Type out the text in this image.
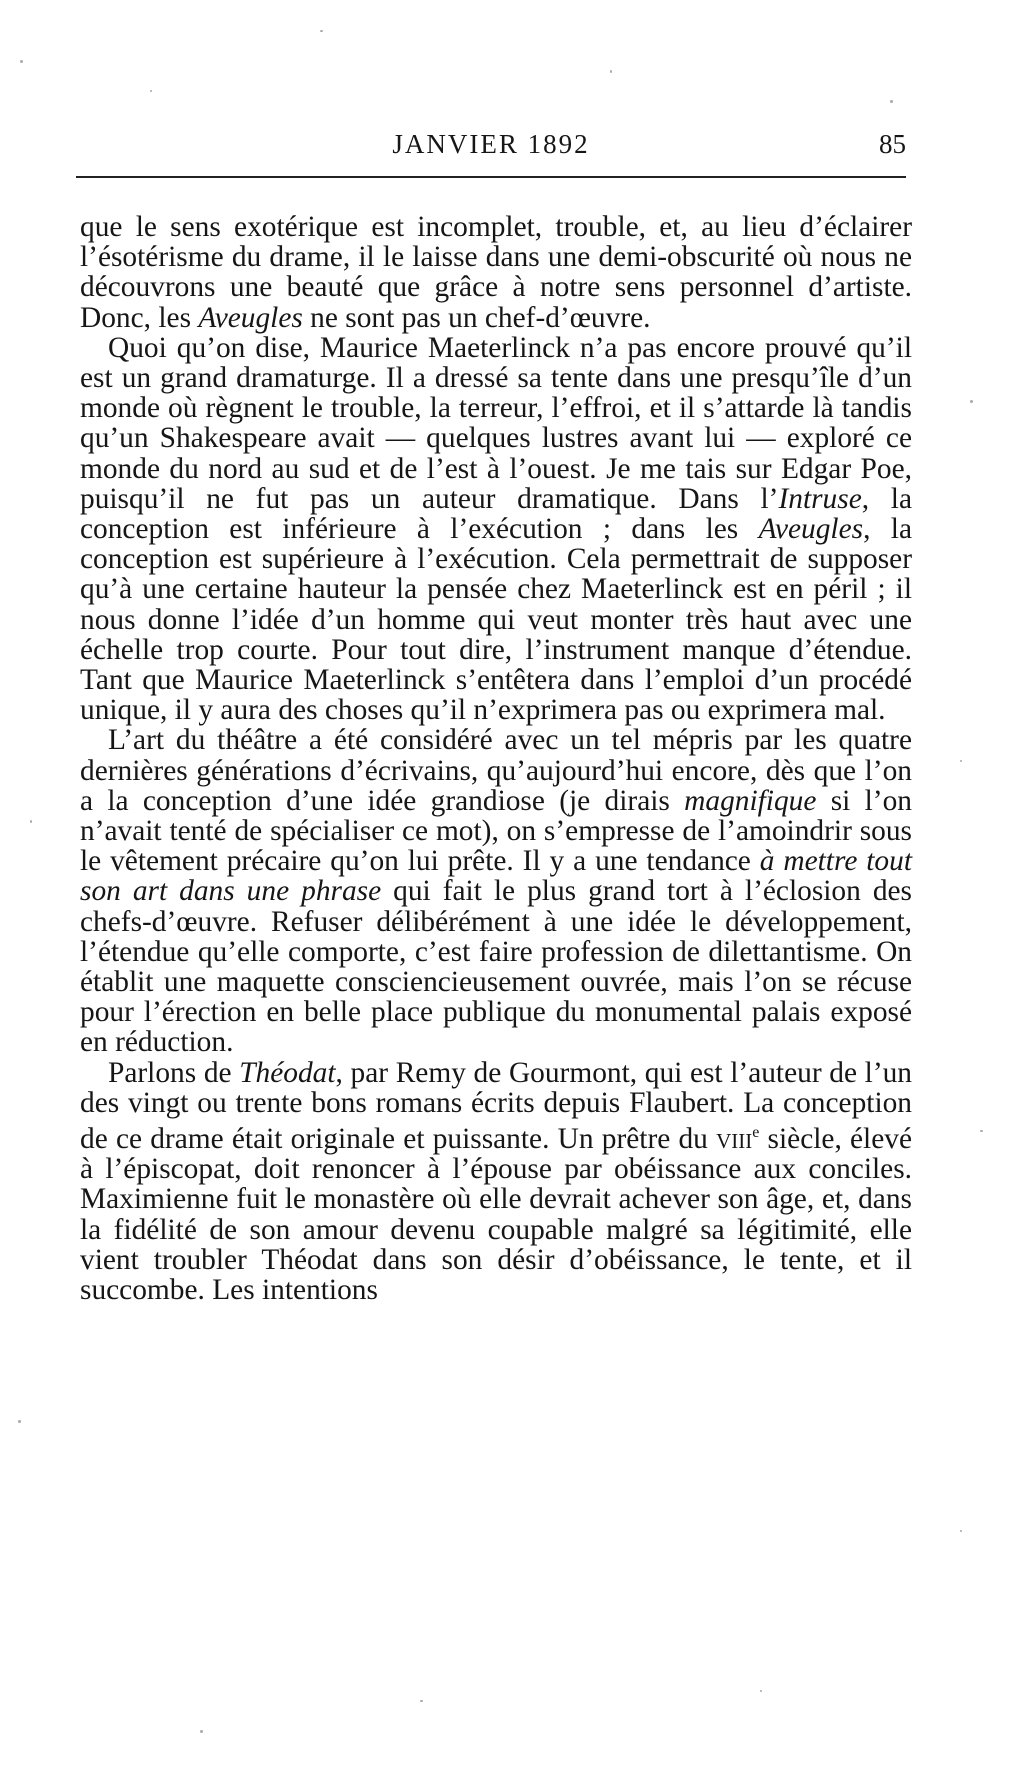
JANVIER 1892	85

que le sens exotérique est incomplet, trouble, et, au lieu d’éclairer l’ésotérisme du drame, il le laisse dans une demi-obscurité où nous ne découvrons une beauté que grâce à notre sens personnel d’artiste. Donc, les Aveugles ne sont pas un chef-d’œuvre.

Quoi qu’on dise, Maurice Maeterlinck n’a pas encore prouvé qu’il est un grand dramaturge. Il a dressé sa tente dans une presqu’île d’un monde où règnent le trouble, la terreur, l’effroi, et il s’attarde là tandis qu’un Shakespeare avait — quelques lustres avant lui — exploré ce monde du nord au sud et de l’est à l’ouest. Je me tais sur Edgar Poe, puisqu’il ne fut pas un auteur dramatique. Dans l’Intruse, la conception est inférieure à l’exécution ; dans les Aveugles, la conception est supérieure à l’exécution. Cela permettrait de supposer qu’à une certaine hauteur la pensée chez Maeterlinck est en péril ; il nous donne l’idée d’un homme qui veut monter très haut avec une échelle trop courte. Pour tout dire, l’instrument manque d’étendue. Tant que Maurice Maeterlinck s’entêtera dans l’emploi d’un procédé unique, il y aura des choses qu’il n’exprimera pas ou exprimera mal.

L’art du théâtre a été considéré avec un tel mépris par les quatre dernières générations d’écrivains, qu’aujourd’hui encore, dès que l’on a la conception d’une idée grandiose (je dirais magnifique si l’on n’avait tenté de spécialiser ce mot), on s’empresse de l’amoindrir sous le vêtement précaire qu’on lui prête. Il y a une tendance à mettre tout son art dans une phrase qui fait le plus grand tort à l’éclosion des chefs-d’œuvre. Refuser délibérément à une idée le développement, l’étendue qu’elle comporte, c’est faire profession de dilettantisme. On établit une maquette consciencieusement ouvrée, mais l’on se récuse pour l’érection en belle place publique du monumental palais exposé en réduction.

Parlons de Théodat, par Remy de Gourmont, qui est l’auteur de l’un des vingt ou trente bons romans écrits depuis Flaubert. La conception de ce drame était originale et puissante. Un prêtre du viii$^e$ siècle, élevé à l’épiscopat, doit renoncer à l’épouse par obéissance aux conciles. Maximienne fuit le monastère où elle devrait achever son âge, et, dans la fidélité de son amour devenu coupable malgré sa légitimité, elle vient troubler Théodat dans son désir d’obéissance, le tente, et il succombe. Les intentions
